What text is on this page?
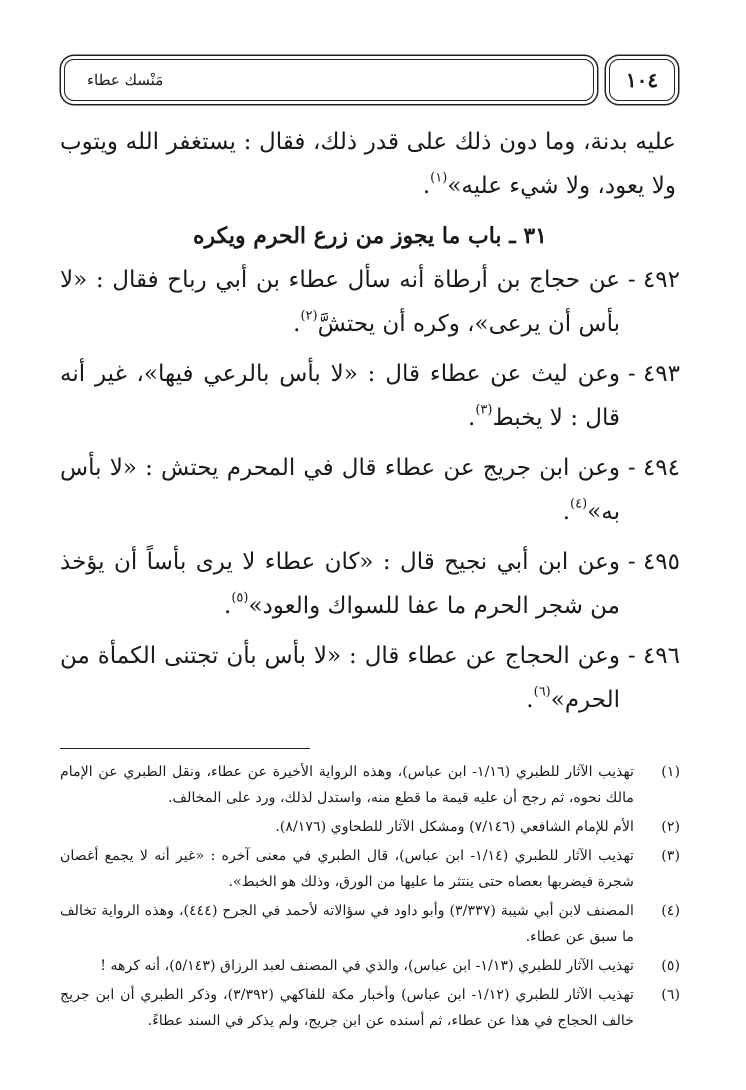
١٠٤
مَنْسك عطاء

عليه بدنة، وما دون ذلك على قدر ذلك، فقال : يستغفر الله ويتوب ولا يعود، ولا شيء عليه»$^{(١)}$.

٣١ ـ باب ما يجوز من زرع الحرم ويكره
٤٩٢ -
عن حجاج بن أرطاة أنه سأل عطاء بن أبي رباح فقال : «لا بأس أن يرعى»، وكره أن يحتشَّ$^{(٢)}$.
٤٩٣ -
وعن ليث عن عطاء قال : «لا بأس بالرعي فيها»، غير أنه قال : لا يخبط$^{(٣)}$.
٤٩٤ -
وعن ابن جريج عن عطاء قال في المحرم يحتش : «لا بأس به»$^{(٤)}$.
٤٩٥ -
وعن ابن أبي نجيح قال : «كان عطاء لا يرى بأساً أن يؤخذ من شجر الحرم ما عفا للسواك والعود»$^{(٥)}$.
٤٩٦ -
وعن الحجاج عن عطاء قال : «لا بأس بأن تجتنى الكمأة من الحرم»$^{(٦)}$.
(١)
تهذيب الآثار للطبري (١/١٦- ابن عباس)، وهذه الرواية الأخيرة عن عطاء، ونقل الطبري عن الإمام مالك نحوه، ثم رجح أن عليه قيمة ما قطع منه، واستدل لذلك، ورد على المخالف.
(٢)
الأم للإمام الشافعي (٧/١٤٦) ومشكل الآثار للطحاوي (٨/١٧٦).
(٣)
تهذيب الآثار للطبري (١/١٤- ابن عباس)، قال الطبري في معنى آخره : «غير أنه لا يجمع أغصان شجرة فيضربها بعصاه حتى ينتثر ما عليها من الورق، وذلك هو الخبط».
(٤)
المصنف لابن أبي شيبة (٣/٣٣٧) وأبو داود في سؤالاته لأحمد في الجرح (٤٤٤)، وهذه الرواية تخالف ما سبق عن عطاء.
(٥)
تهذيب الآثار للطبري (١/١٣- ابن عباس)، والذي في المصنف لعبد الرزاق (٥/١٤٣)، أنه كرهه !
(٦)
تهذيب الآثار للطبري (١/١٢- ابن عباس) وأخبار مكة للفاكهي (٣/٣٩٢)، وذكر الطبري أن ابن جريج خالف الحجاج في هذا عن عطاء، ثم أسنده عن ابن جريج، ولم يذكر في السند عطاءً.
